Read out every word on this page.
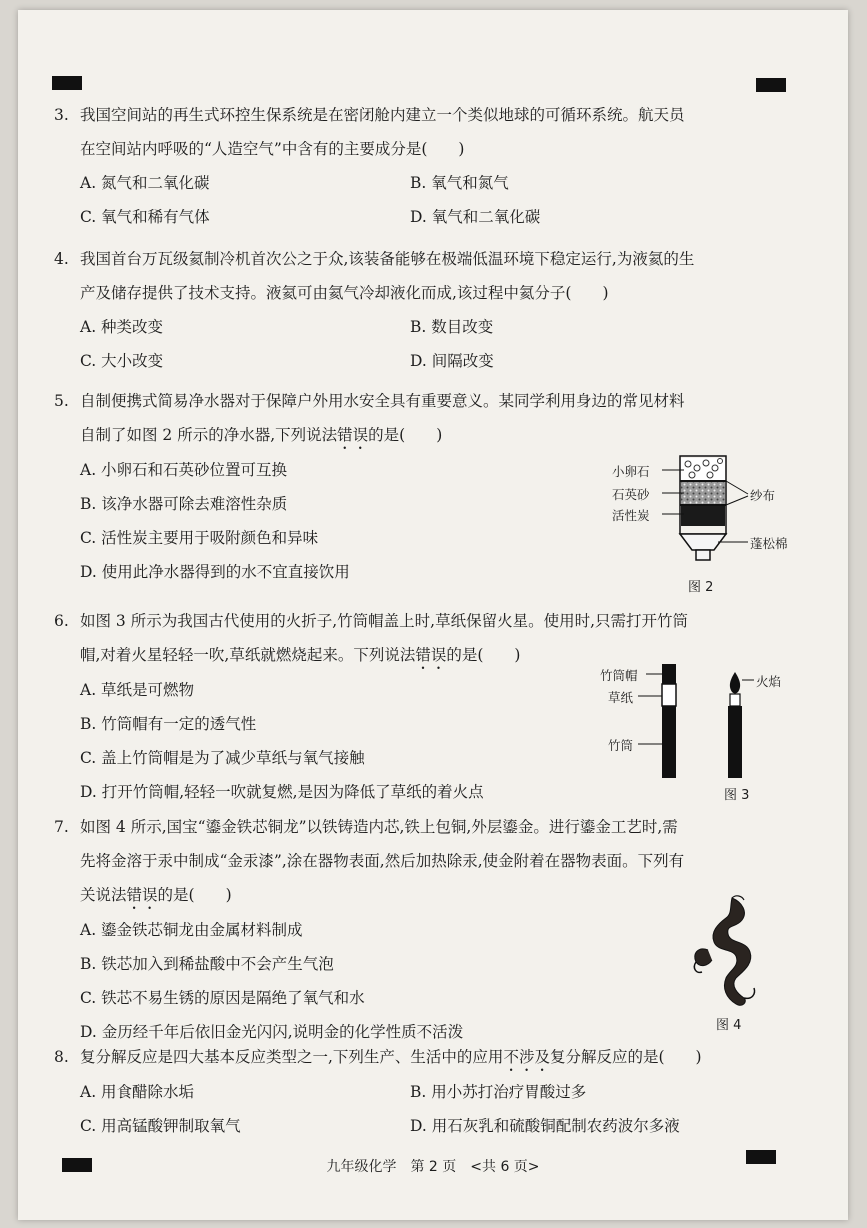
3. 我国空间站的再生式环控生保系统是在密闭舱内建立一个类似地球的可循环系统。航天员

在空间站内呼吸的“人造空气”中含有的主要成分是(　　)

A. 氮气和二氧化碳	B. 氧气和氮气
C. 氧气和稀有气体	D. 氧气和二氧化碳

4. 我国首台万瓦级氦制冷机首次公之于众,该装备能够在极端低温环境下稳定运行,为液氦的生

产及储存提供了技术支持。液氦可由氦气冷却液化而成,该过程中氦分子(　　)

A. 种类改变	B. 数目改变
C. 大小改变	D. 间隔改变

5. 自制便携式简易净水器对于保障户外用水安全具有重要意义。某同学利用身边的常见材料

自制了如图 2 所示的净水器,下列说法错误的是(　　)

A. 小卵石和石英砂位置可互换
B. 该净水器可除去难溶性杂质
C. 活性炭主要用于吸附颜色和异味
D. 使用此净水器得到的水不宜直接饮用
小卵石
石英砂
活性炭
纱布
蓬松棉
图 2

6. 如图 3 所示为我国古代使用的火折子,竹筒帽盖上时,草纸保留火星。使用时,只需打开竹筒

帽,对着火星轻轻一吹,草纸就燃烧起来。下列说法错误的是(　　)

A. 草纸是可燃物
B. 竹筒帽有一定的透气性
C. 盖上竹筒帽是为了减少草纸与氧气接触
D. 打开竹筒帽,轻轻一吹就复燃,是因为降低了草纸的着火点
竹筒帽
草纸
竹筒
火焰
图 3

7. 如图 4 所示,国宝“鎏金铁芯铜龙”以铁铸造内芯,铁上包铜,外层鎏金。进行鎏金工艺时,需

先将金溶于汞中制成“金汞漆”,涂在器物表面,然后加热除汞,使金附着在器物表面。下列有

关说法错误的是(　　)

A. 鎏金铁芯铜龙由金属材料制成
B. 铁芯加入到稀盐酸中不会产生气泡
C. 铁芯不易生锈的原因是隔绝了氧气和水
D. 金历经千年后依旧金光闪闪,说明金的化学性质不活泼	图 4

8. 复分解反应是四大基本反应类型之一,下列生产、生活中的应用不涉及复分解反应的是(　　)

A. 用食醋除水垢	B. 用小苏打治疗胃酸过多
C. 用高锰酸钾制取氧气	D. 用石灰乳和硫酸铜配制农药波尔多液
九年级化学　第 2 页　<共 6 页>
